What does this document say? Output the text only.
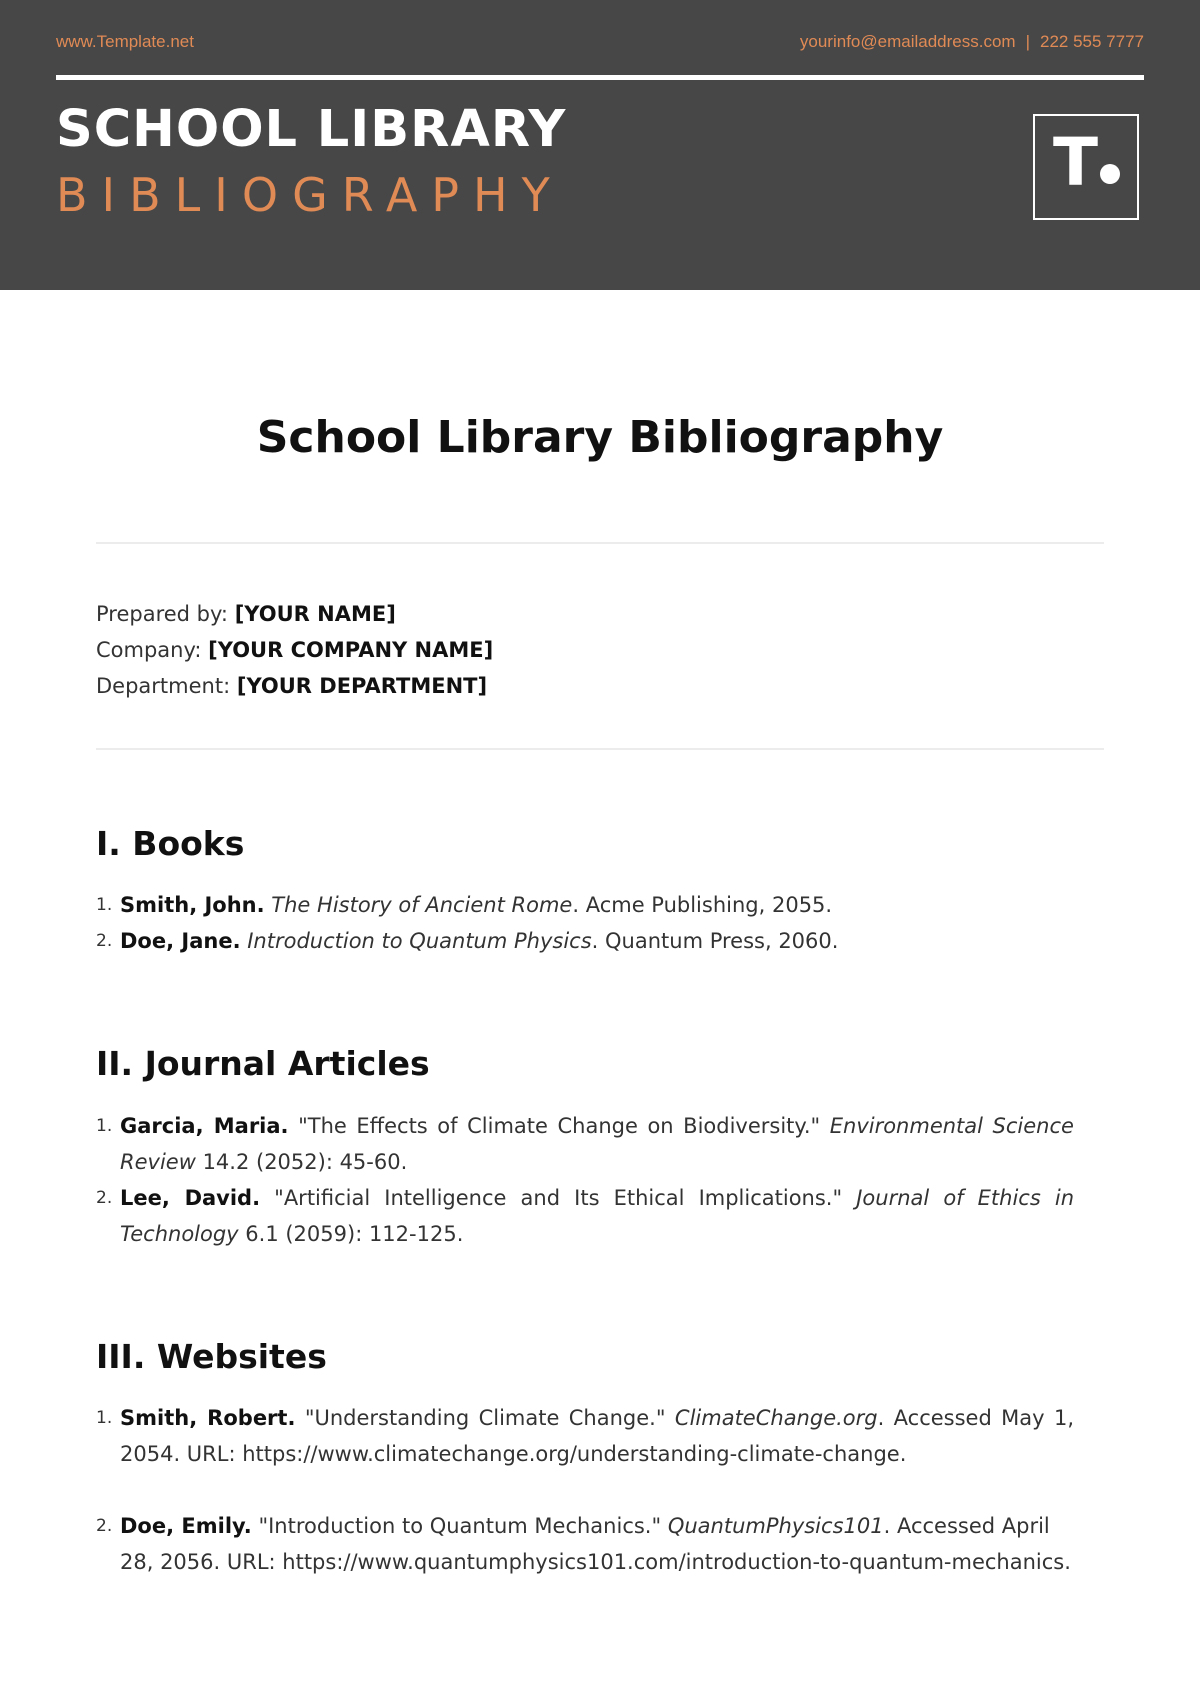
www.Template.net	yourinfo@emailaddress.com | 222 555 7777
SCHOOL LIBRARY
BIBLIOGRAPHY	T
School Library Bibliography
Prepared by: [YOUR NAME]
Company: [YOUR COMPANY NAME]
Department: [YOUR DEPARTMENT]
I. Books
1. Smith, John. The History of Ancient Rome. Acme Publishing, 2055.
2. Doe, Jane. Introduction to Quantum Physics. Quantum Press, 2060.
II. Journal Articles
1. Garcia, Maria. "The Effects of Climate Change on Biodiversity." Environmental Science Review 14.2 (2052): 45-60.
2. Lee, David. "Artificial Intelligence and Its Ethical Implications." Journal of Ethics in Technology 6.1 (2059): 112-125.
III. Websites
1. Smith, Robert. "Understanding Climate Change." ClimateChange.org. Accessed May 1, 2054. URL: https://www.climatechange.org/understanding-climate-change.
2. Doe, Emily. "Introduction to Quantum Mechanics." QuantumPhysics101. Accessed April 28, 2056. URL: https://www.quantumphysics101.com/introduction-to-quantum-mechanics.
